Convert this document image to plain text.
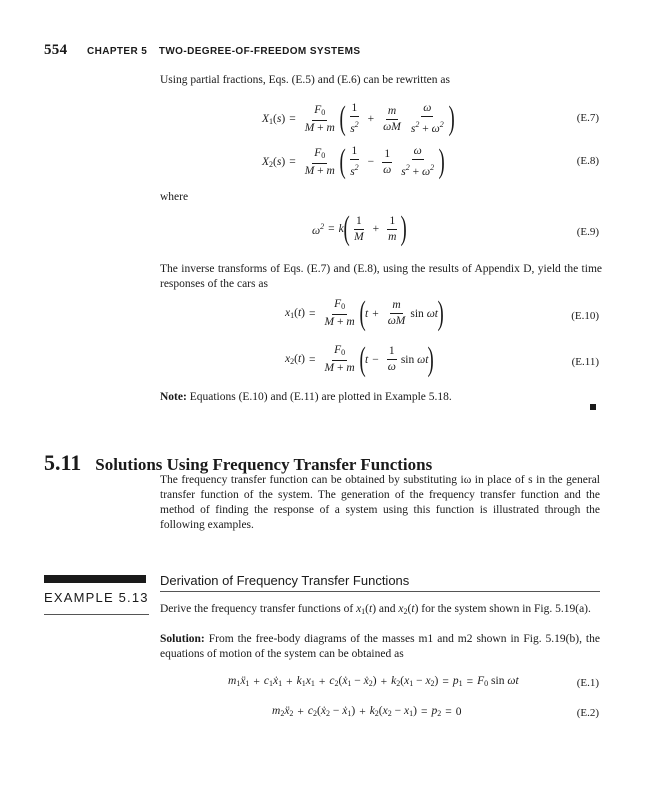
554 CHAPTER 5 TWO-DEGREE-OF-FREEDOM SYSTEMS
Using partial fractions, Eqs. (E.5) and (E.6) can be rewritten as
$X_1(s) = \frac{F_0}{M + m}$ ( $\frac{1}{s^2} + \frac{m}{\omega M} \frac{\omega}{s^2 + \omega^2}$ )	(E.7)
$X_2(s) = \frac{F_0}{M + m}$ ( $\frac{1}{s^2} - \frac{1}{\omega} \frac{\omega}{s^2 + \omega^2}$ )	(E.8)
where
$\omega^2 = k$ ( $\frac{1}{M} + \frac{1}{m}$ )	(E.9)
The inverse transforms of Eqs. (E.7) and (E.8), using the results of Appendix D, yield the time responses of the cars as
$x_1(t) = \frac{F_0}{M + m}$ ( $t + \frac{m}{\omega M}$ sin ωt )	(E.10)
$x_2(t) = \frac{F_0}{M + m}$ ( $t - \frac{1}{\omega}$ sin ωt )	(E.11)
Note: Equations (E.10) and (E.11) are plotted in Example 5.18.
5.11 Solutions Using Frequency Transfer Functions
The frequency transfer function can be obtained by substituting iω in place of s in the general transfer function of the system. The generation of the frequency transfer function and the method of finding the response of a system using this function is illustrated through the following examples.
Derivation of Frequency Transfer Functions
EXAMPLE 5.13
Derive the frequency transfer functions of $x_1(t)$ and $x_2(t)$ for the system shown in Fig. 5.19(a).
Solution: From the free-body diagrams of the masses m1 and m2 shown in Fig. 5.19(b), the equations of motion of the system can be obtained as
$m_1ẍ_1$ + $c_1ẋ_1 + k_1x_1$ + $c_2(ẋ_1$ − ẋ$_2$) + $k_2(x_1 - x_2) = p_1 = F_0$ sin ωt	(E.1)
$m_2ẍ_2$ + $c_2(ẋ_2$ − ẋ$_1$) + $k_2(x_2 - x_1) = p_2 = 0$	(E.2)
